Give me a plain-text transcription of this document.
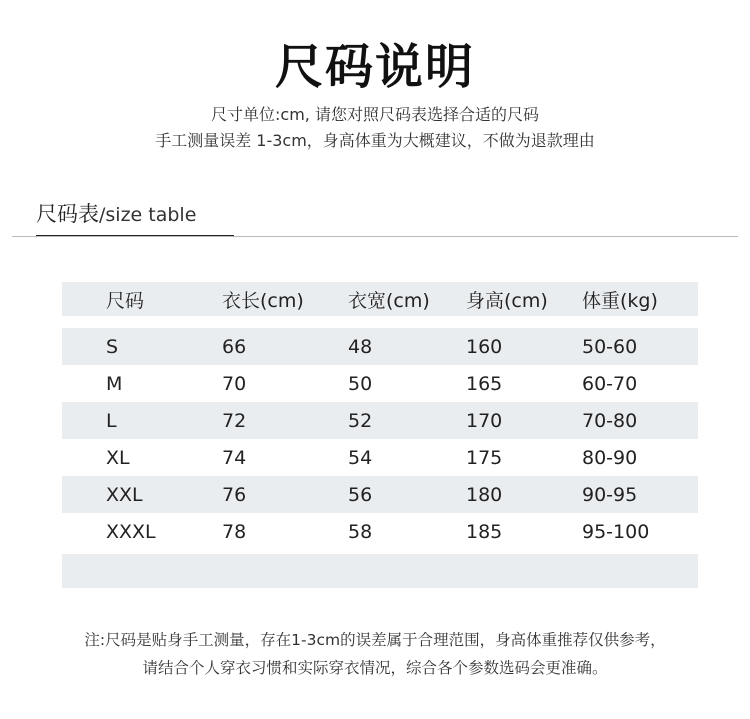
尺码说明
尺寸单位:cm, 请您对照尺码表选择合适的尺码
手工测量误差 1-3cm，身高体重为大概建议，不做为退款理由
尺码表/size table
尺码	衣长(cm) 衣宽(cm) 身高(cm) 体重(kg)
S	66	48	160	50-60
M	70	50	165	60-70
L	72	52	170	70-80
XL	74	54	175	80-90
XXL	76	56	180	90-95
XXXL	78	58	185	95-100
注:尺码是贴身手工测量，存在1-3cm的误差属于合理范围，身高体重推荐仅供参考，
请结合个人穿衣习惯和实际穿衣情况，综合各个参数选码会更准确。
